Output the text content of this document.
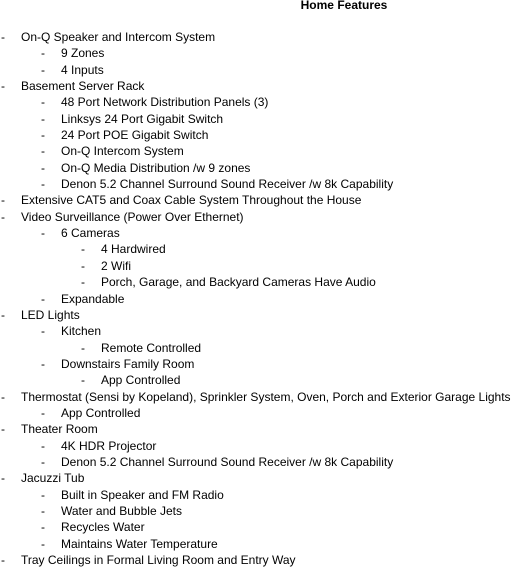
Home Features
- On-Q Speaker and Intercom System
- 9 Zones
- 4 Inputs
- Basement Server Rack
- 48 Port Network Distribution Panels (3)
- Linksys 24 Port Gigabit Switch
- 24 Port POE Gigabit Switch
- On-Q Intercom System
- On-Q Media Distribution /w 9 zones
- Denon 5.2 Channel Surround Sound Receiver /w 8k Capability
- Extensive CAT5 and Coax Cable System Throughout the House
- Video Surveillance (Power Over Ethernet)
- 6 Cameras
- 4 Hardwired
- 2 Wifi
- Porch, Garage, and Backyard Cameras Have Audio
- Expandable
- LED Lights
- Kitchen
- Remote Controlled
- Downstairs Family Room
- App Controlled
- Thermostat (Sensi by Kopeland), Sprinkler System, Oven, Porch and Exterior Garage Lights
- App Controlled
- Theater Room
- 4K HDR Projector
- Denon 5.2 Channel Surround Sound Receiver /w 8k Capability
- Jacuzzi Tub
- Built in Speaker and FM Radio
- Water and Bubble Jets
- Recycles Water
- Maintains Water Temperature
- Tray Ceilings in Formal Living Room and Entry Way
